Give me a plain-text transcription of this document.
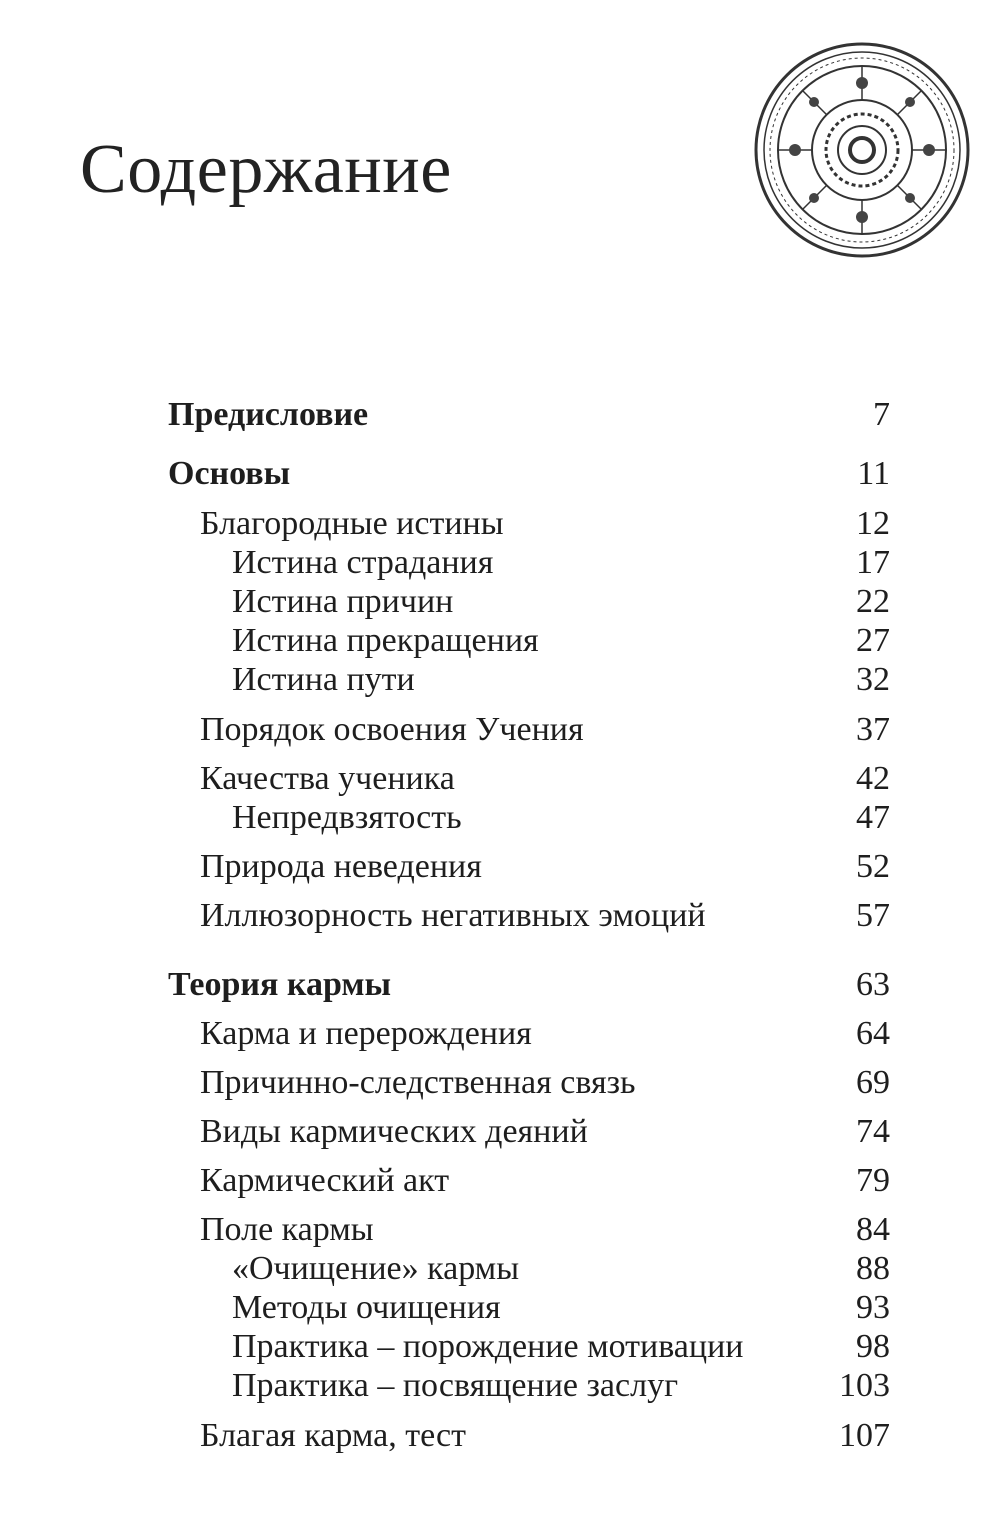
Содержание
Предисловие	7
Основы	11
Благородные истины	12
Истина страдания	17
Истина причин	22
Истина прекращения	27
Истина пути	32
Порядок освоения Учения	37
Качества ученика	42
Непредвзятость	47
Природа неведения	52
Иллюзорность негативных эмоций	57
Теория кармы	63
Карма и перерождения	64
Причинно-следственная связь	69
Виды кармических деяний	74
Кармический акт	79
Поле кармы	84
«Очищение» кармы	88
Методы очищения	93
Практика – порождение мотивации	98
Практика – посвящение заслуг	103
Благая карма, тест	107
